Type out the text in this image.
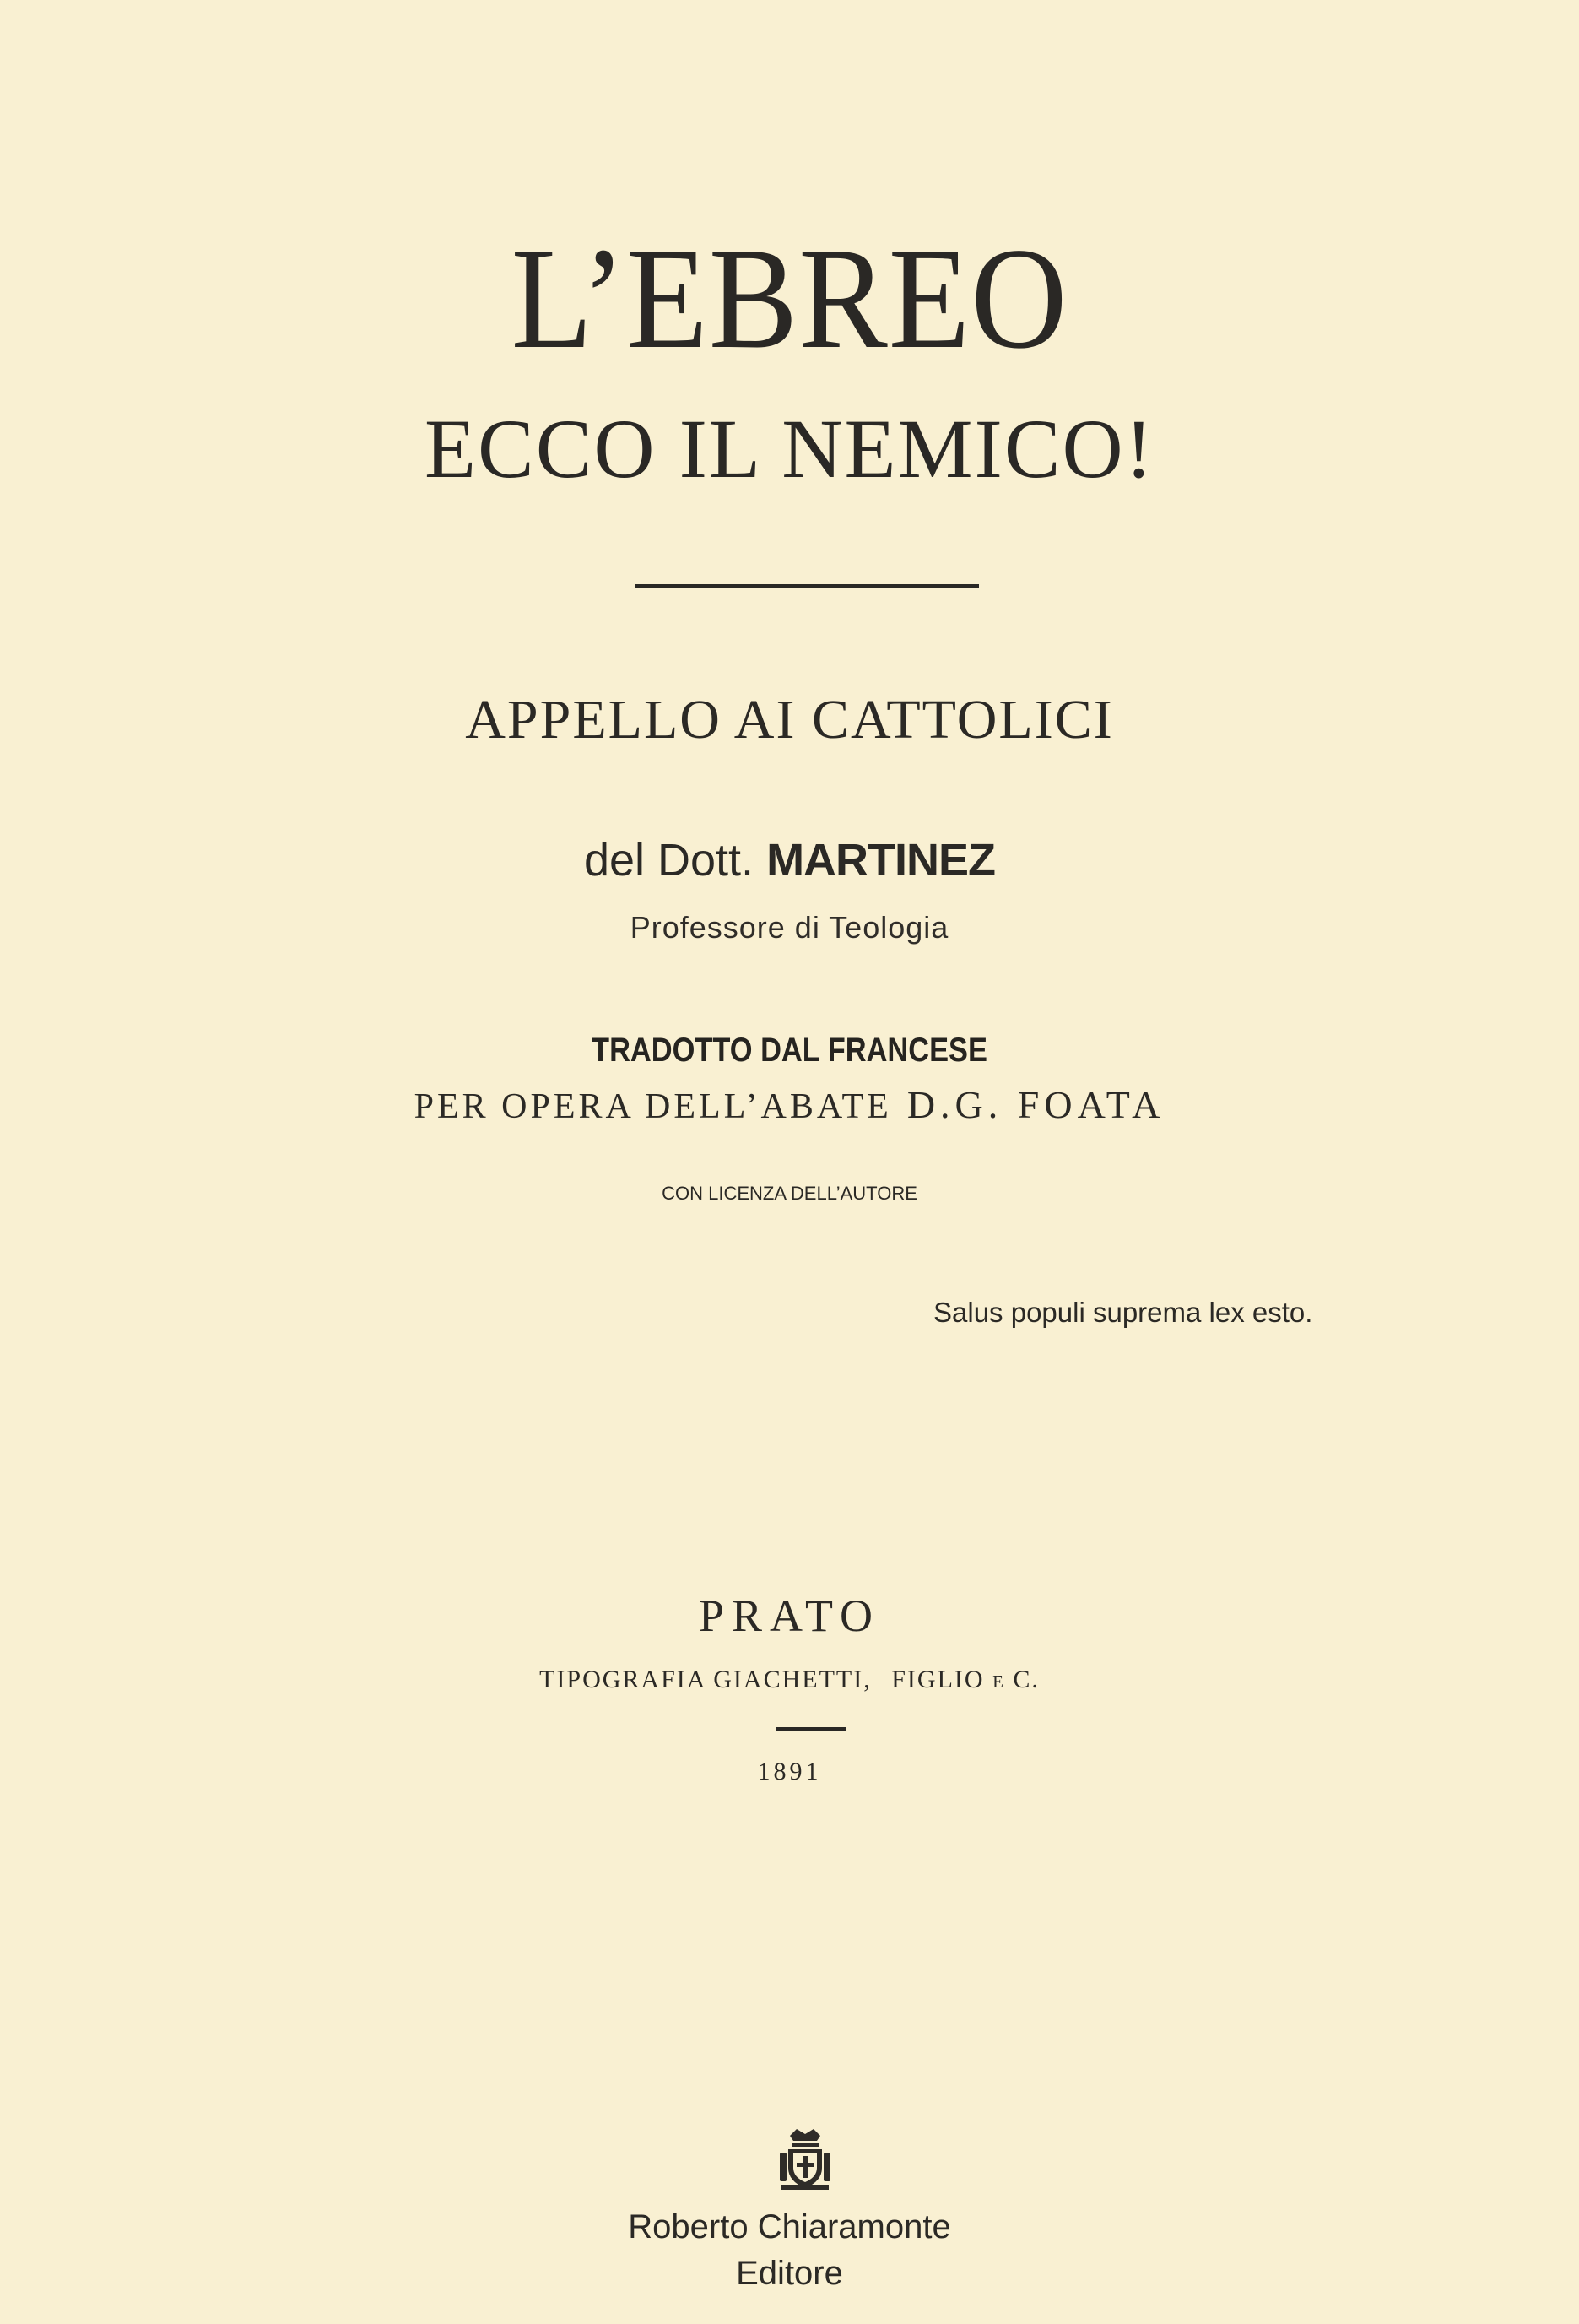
L’EBREO
ECCO IL NEMICO!
APPELLO AI CATTOLICI
del Dott. MARTINEZ
Professore di Teologia
TRADOTTO DAL FRANCESE
PER OPERA DELL’ABATE D.G. FOATA
CON LICENZA DELL’AUTORE
Salus populi suprema lex esto.
PRATO
TIPOGRAFIA GIACHETTI, FIGLIO E C.
1891
Roberto Chiaramonte
Editore
